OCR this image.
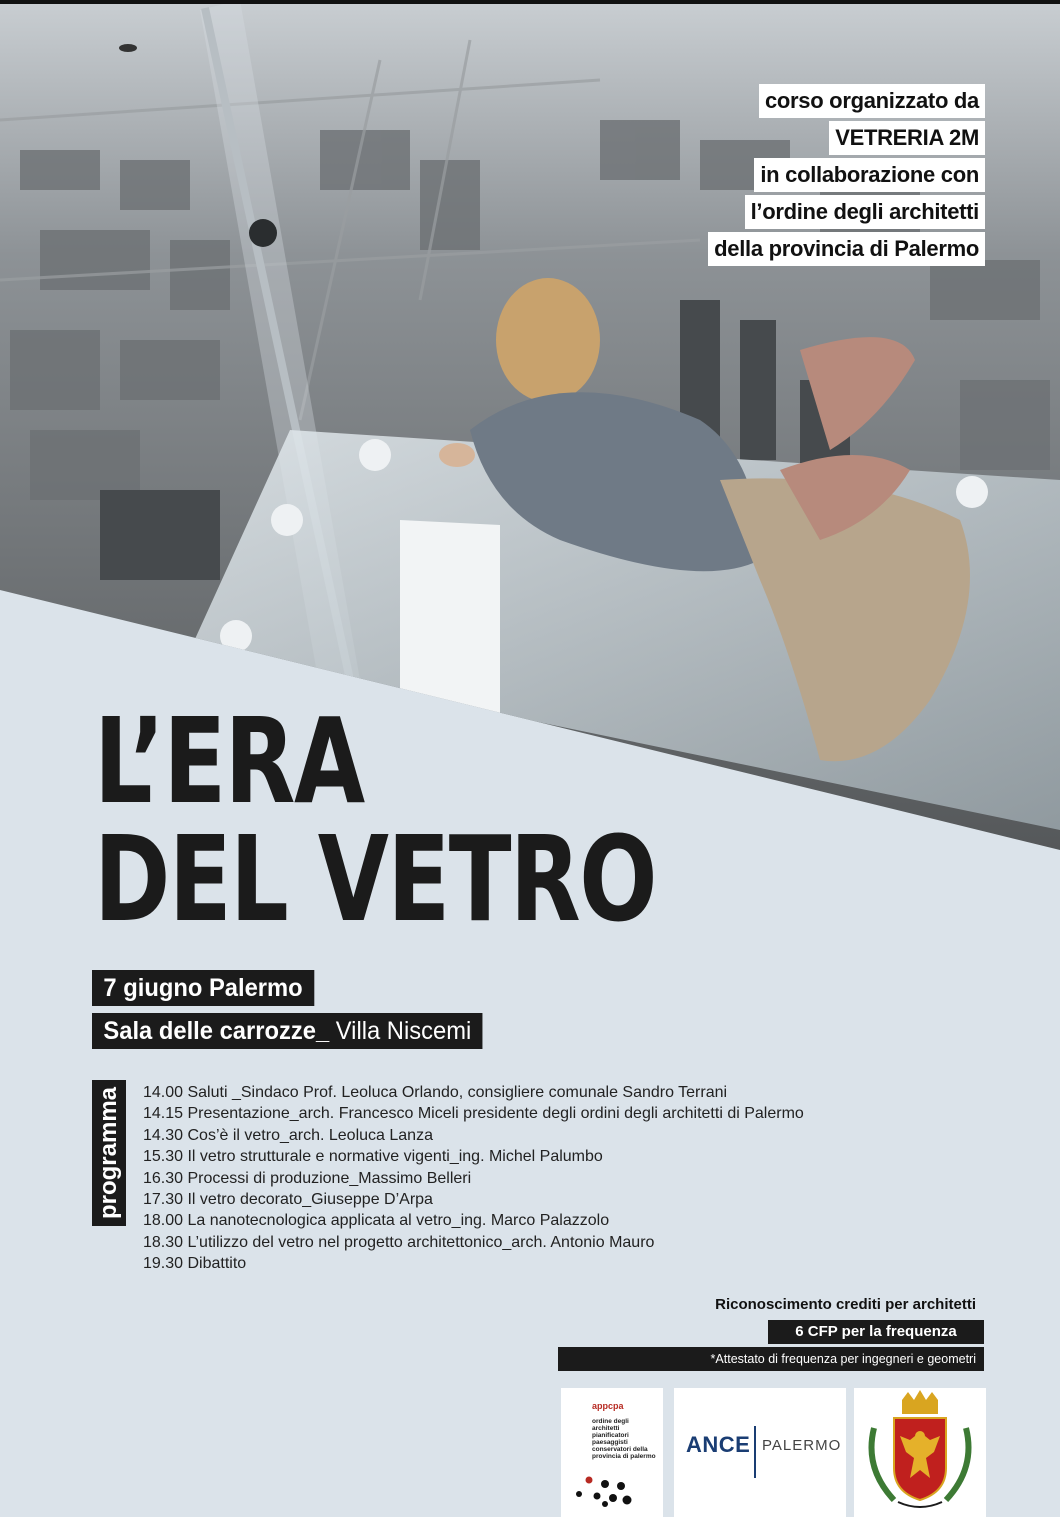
corso organizzato da
VETRERIA 2M
in collaborazione con
l’ordine degli architetti
della provincia di Palermo
L’ERA
DEL VETRO
7 giugno Palermo
Sala delle carrozze_ Villa Niscemi
programma 14.00 Saluti _Sindaco Prof. Leoluca Orlando, consigliere comunale Sandro Terrani
14.15 Presentazione_arch. Francesco Miceli presidente degli ordini degli architetti di Palermo
14.30 Cos’è il vetro_arch. Leoluca Lanza
15.30 Il vetro strutturale e normative vigenti_ing. Michel Palumbo
16.30 Processi di produzione_Massimo Belleri
17.30 Il vetro decorato_Giuseppe D’Arpa
18.00 La nanotecnologica applicata al vetro_ing. Marco Palazzolo
18.30 L’utilizzo del vetro nel progetto architettonico_arch. Antonio Mauro
19.30 Dibattito
Riconoscimento crediti per architetti
6 CFP per la frequenza
*Attestato di frequenza per ingegneri e geometri
appcpa
ordine degli architetti pianificatori paesaggisti conservatori della provincia di palermo ANCE PALERMO
